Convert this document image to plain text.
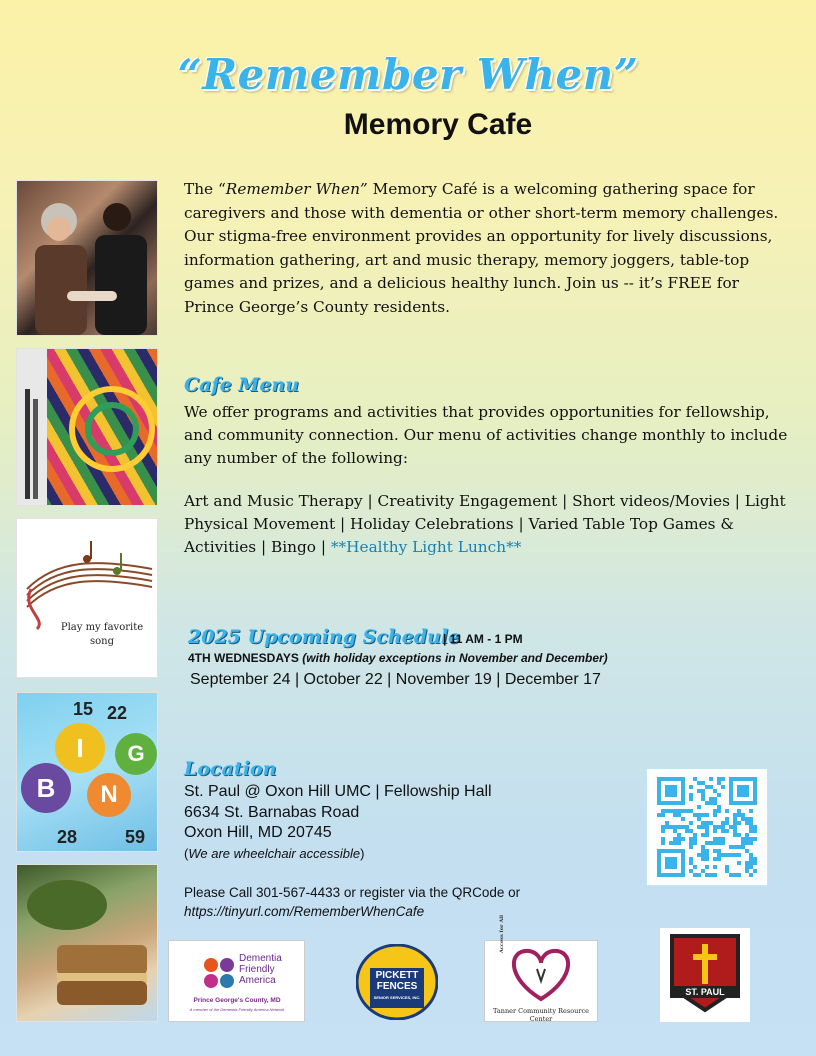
“Remember When”
Memory Cafe
Play my favorite song
B
I
N
G
15 22
59
28
The “Remember When” Memory Café is a welcoming gathering space for caregivers and those with dementia or other short-term memory challenges. Our stigma-free environment provides an opportunity for lively discussions, information gathering, art and music therapy, memory joggers, table-top games and prizes, and a delicious healthy lunch. Join us -- it’s FREE for Prince George’s County residents.
Cafe Menu
We offer programs and activities that provides opportunities for fellowship, and community connection. Our menu of activities change monthly to include any number of the following:
Art and Music Therapy | Creativity Engagement | Short videos/Movies | Light Physical Movement | Holiday Celebrations | Varied Table Top Games & Activities | Bingo | **Healthy Light Lunch**
2025 Upcoming Schedule
| 11 AM - 1 PM
4TH WEDNESDAYS (with holiday exceptions in November and December)
September 24 | October 22 | November 19 | December 17
Location
St. Paul @ Oxon Hill UMC | Fellowship Hall
6634 St. Barnabas Road
Oxon Hill, MD 20745
(We are wheelchair accessible)
Please Call 301-567-4433 or register via the QRCode or
https://tinyurl.com/RememberWhenCafe
Dementia
Friendly
America
Prince George's County, MD
A member of the Dementia Friendly America Network
PICKETT
FENCES
SENIOR SERVICES, INC.
Access for All
Tanner Community Resource Center
ST. PAUL
